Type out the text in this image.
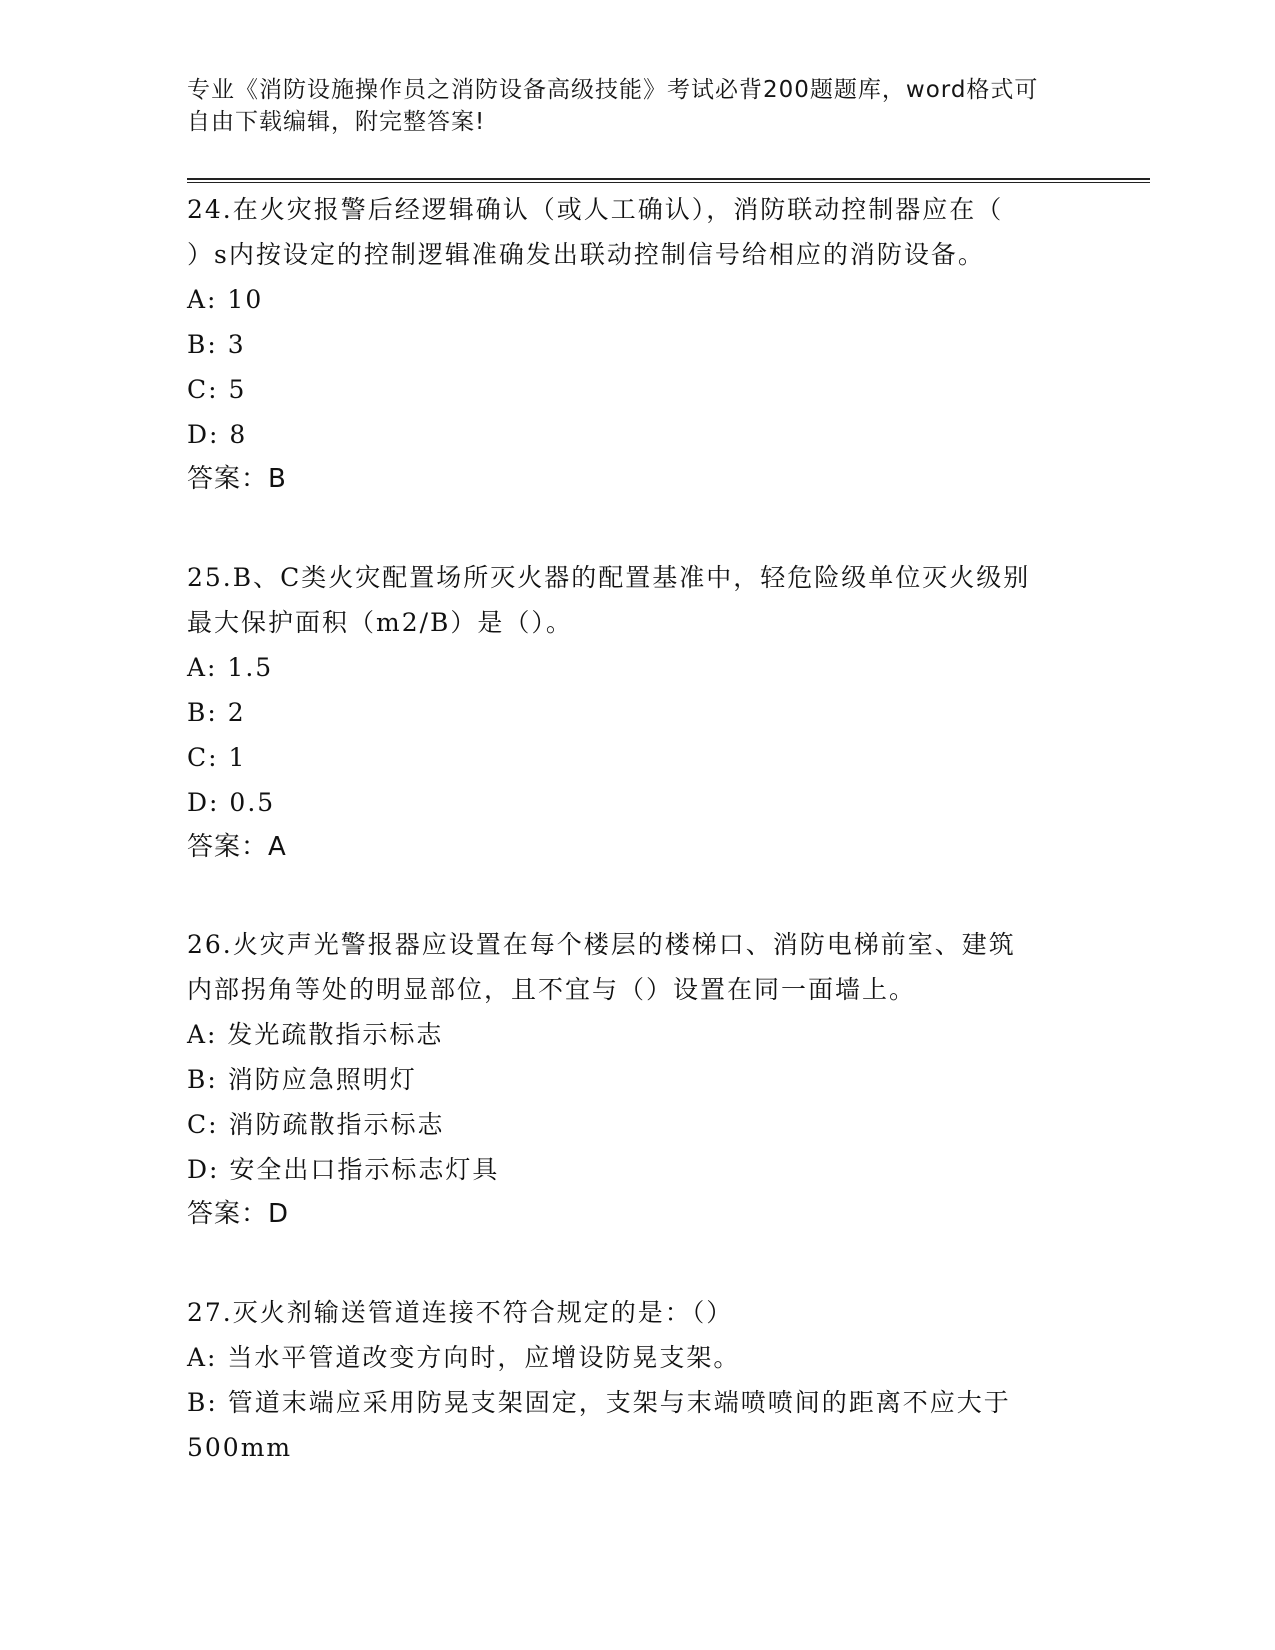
专业《消防设施操作员之消防设备高级技能》考试必背200题题库，word格式可
自由下载编辑，附完整答案!

24.在火灾报警后经逻辑确认（或人工确认），消防联动控制器应在（

）s内按设定的控制逻辑准确发出联动控制信号给相应的消防设备。

A: 10

B: 3

C: 5

D: 8

答案：B

25.B、C类火灾配置场所灭火器的配置基准中，轻危险级单位灭火级别

最大保护面积（m2/B）是（）。

A: 1.5

B: 2

C: 1

D: 0.5

答案：A

26.火灾声光警报器应设置在每个楼层的楼梯口、消防电梯前室、建筑

内部拐角等处的明显部位，且不宜与（）设置在同一面墙上。

A: 发光疏散指示标志

B: 消防应急照明灯

C: 消防疏散指示标志

D: 安全出口指示标志灯具

答案：D

27.灭火剂输送管道连接不符合规定的是：（）

A: 当水平管道改变方向时，应增设防晃支架。

B: 管道末端应采用防晃支架固定，支架与末端喷喷间的距离不应大于

500mm
